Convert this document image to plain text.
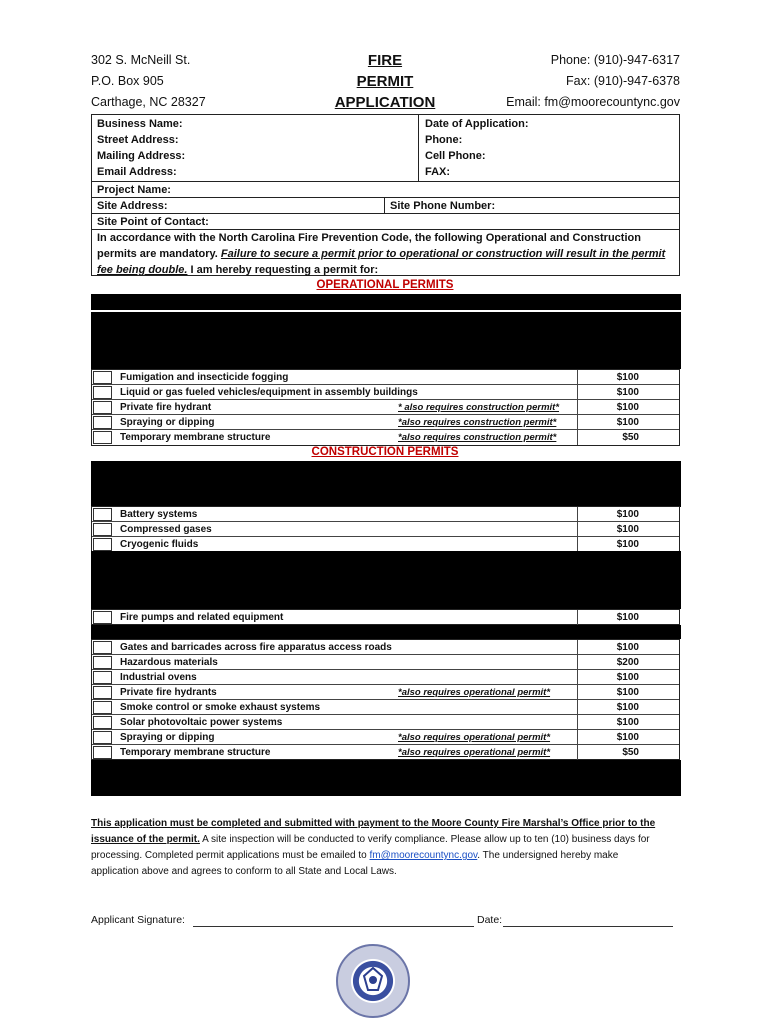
302 S. McNeill St.
P.O. Box 905
Carthage, NC 28327
FIRE
PERMIT
APPLICATION
Phone: (910)-947-6317
Fax: (910)-947-6378
Email: fm@moorecountync.gov
Business Name:
Street Address:
Mailing Address:
Email Address:
Date of Application:
Phone:
Cell Phone:
FAX:
Project Name:
Site Address:	Site Phone Number:
Site Point of Contact:
In accordance with the North Carolina Fire Prevention Code, the following Operational and Construction
permits are mandatory. Failure to secure a permit prior to operational or construction will result in the permit
fee being double. I am hereby requesting a permit for:
OPERATIONAL PERMITS
Fumigation and insecticide fogging	$100
Liquid or gas fueled vehicles/equipment in assembly buildings	$100
Private fire hydrant	* also requires construction permit*	$100
Spraying or dipping	*also requires construction permit*	$100
Temporary membrane structure	*also requires construction permit*	$50
CONSTRUCTION PERMITS
Battery systems	$100
Compressed gases	$100
Cryogenic fluids	$100
Fire pumps and related equipment	$100
Gates and barricades across fire apparatus access roads	$100
Hazardous materials	$200
Industrial ovens	$100
Private fire hydrants	*also requires operational permit*	$100
Smoke control or smoke exhaust systems	$100
Solar photovoltaic power systems	$100
Spraying or dipping	*also requires operational permit*	$100
Temporary membrane structure	*also requires operational permit*	$50
This application must be completed and submitted with payment to the Moore County Fire Marshal’s Office prior to the
issuance of the permit. A site inspection will be conducted to verify compliance. Please allow up to ten (10) business days for
processing. Completed permit applications must be emailed to fm@moorecountync.gov. The undersigned hereby make
application above and agrees to conform to all State and Local Laws.
Applicant Signature:	Date:
